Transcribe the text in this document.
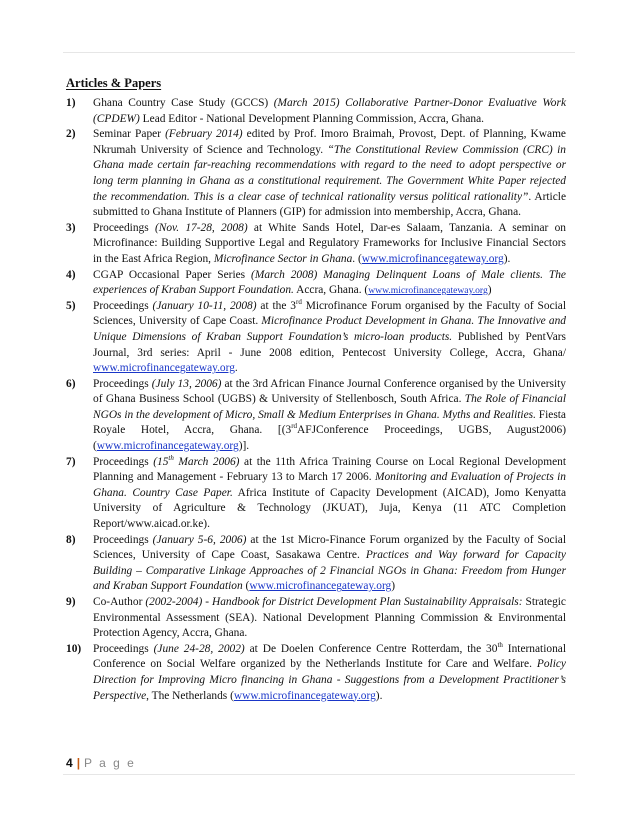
Articles & Papers
1) Ghana Country Case Study (GCCS) (March 2015) Collaborative Partner-Donor Evaluative Work (CPDEW) Lead Editor - National Development Planning Commission, Accra, Ghana.
2) Seminar Paper (February 2014) edited by Prof. Imoro Braimah, Provost, Dept. of Planning, Kwame Nkrumah University of Science and Technology. “The Constitutional Review Commission (CRC) in Ghana made certain far-reaching recommendations with regard to the need to adopt perspective or long term planning in Ghana as a constitutional requirement. The Government White Paper rejected the recommendation. This is a clear case of technical rationality versus political rationality”. Article submitted to Ghana Institute of Planners (GIP) for admission into membership, Accra, Ghana.
3) Proceedings (Nov. 17-28, 2008) at White Sands Hotel, Dar-es Salaam, Tanzania. A seminar on Microfinance: Building Supportive Legal and Regulatory Frameworks for Inclusive Financial Sectors in the East Africa Region, Microfinance Sector in Ghana. (www.microfinancegateway.org).
4) CGAP Occasional Paper Series (March 2008) Managing Delinquent Loans of Male clients. The experiences of Kraban Support Foundation. Accra, Ghana. (www.microfinancegateway.org)
5) Proceedings (January 10-11, 2008) at the 3rd Microfinance Forum organised by the Faculty of Social Sciences, University of Cape Coast. Microfinance Product Development in Ghana. The Innovative and Unique Dimensions of Kraban Support Foundation’s micro-loan products. Published by PentVars Journal, 3rd series: April - June 2008 edition, Pentecost University College, Accra, Ghana/ www.microfinancegateway.org.
6) Proceedings (July 13, 2006) at the 3rd African Finance Journal Conference organised by the University of Ghana Business School (UGBS) & University of Stellenbosch, South Africa. The Role of Financial NGOs in the development of Micro, Small & Medium Enterprises in Ghana. Myths and Realities. Fiesta Royale Hotel, Accra, Ghana. [(3rdAFJConference Proceedings, UGBS, August2006)(www.microfinancegateway.org)].
7) Proceedings (15th March 2006) at the 11th Africa Training Course on Local Regional Development Planning and Management - February 13 to March 17 2006. Monitoring and Evaluation of Projects in Ghana. Country Case Paper. Africa Institute of Capacity Development (AICAD), Jomo Kenyatta University of Agriculture & Technology (JKUAT), Juja, Kenya (11 ATC Completion Report/www.aicad.or.ke).
8) Proceedings (January 5-6, 2006) at the 1st Micro-Finance Forum organized by the Faculty of Social Sciences, University of Cape Coast, Sasakawa Centre. Practices and Way forward for Capacity Building – Comparative Linkage Approaches of 2 Financial NGOs in Ghana: Freedom from Hunger and Kraban Support Foundation (www.microfinancegateway.org)
9) Co-Author (2002-2004) - Handbook for District Development Plan Sustainability Appraisals: Strategic Environmental Assessment (SEA). National Development Planning Commission & Environmental Protection Agency, Accra, Ghana.
10) Proceedings (June 24-28, 2002) at De Doelen Conference Centre Rotterdam, the 30th International Conference on Social Welfare organized by the Netherlands Institute for Care and Welfare. Policy Direction for Improving Micro financing in Ghana - Suggestions from a Development Practitioner’s Perspective, The Netherlands (www.microfinancegateway.org).
4 | P a g e
